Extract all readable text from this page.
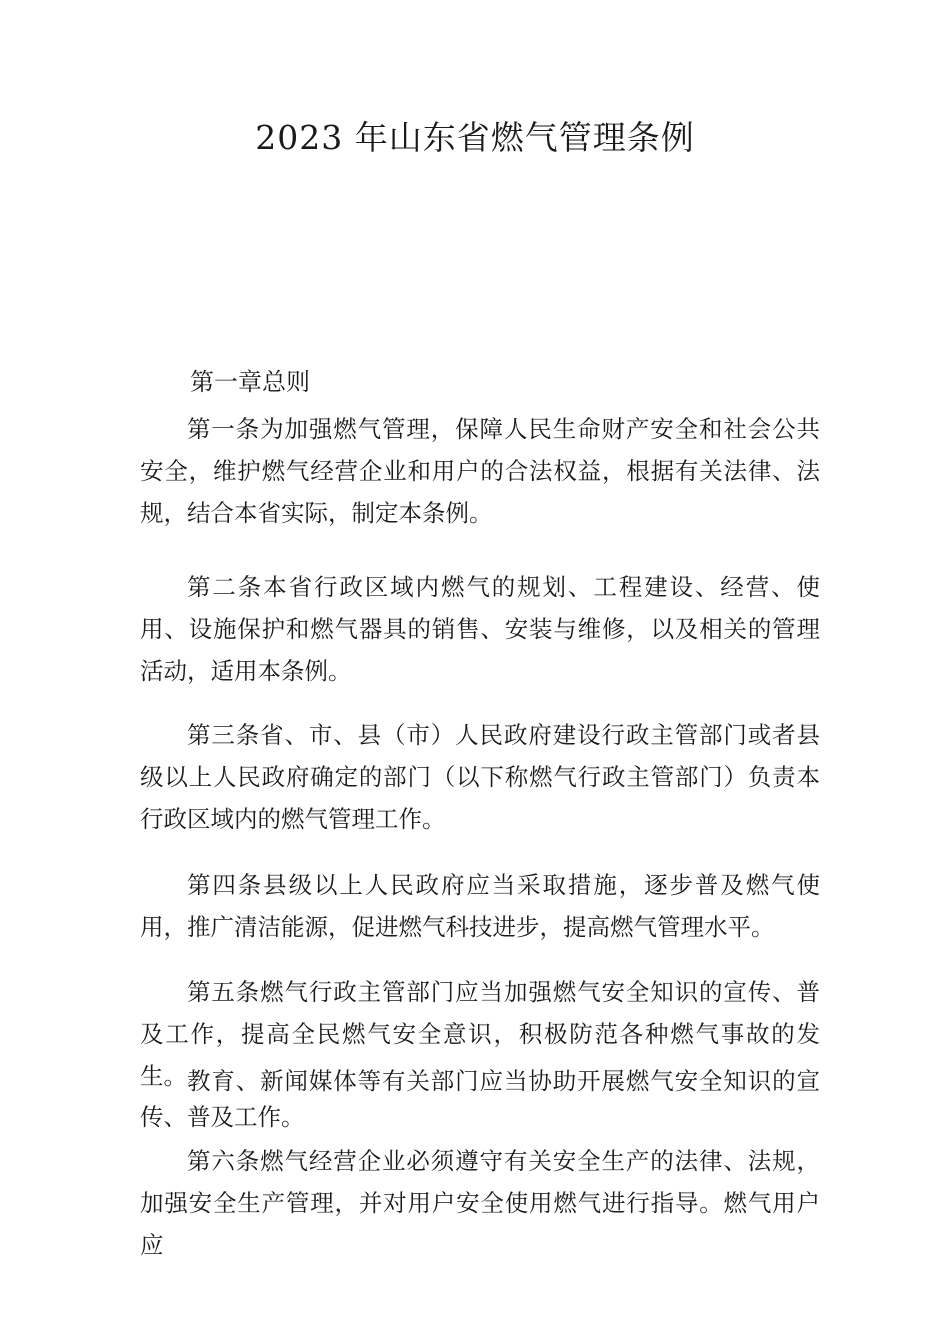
2023 年山东省燃气管理条例

第一章总则

第一条为加强燃气管理，保障人民生命财产安全和社会公共安全，维护燃气经营企业和用户的合法权益，根据有关法律、法规，结合本省实际，制定本条例。

第二条本省行政区域内燃气的规划、工程建设、经营、使用、设施保护和燃气器具的销售、安装与维修，以及相关的管理活动，适用本条例。

第三条省、市、县（市）人民政府建设行政主管部门或者县级以上人民政府确定的部门（以下称燃气行政主管部门）负责本行政区域内的燃气管理工作。

第四条县级以上人民政府应当采取措施，逐步普及燃气使用，推广清洁能源，促进燃气科技进步，提高燃气管理水平。

第五条燃气行政主管部门应当加强燃气安全知识的宣传、普及工作，提高全民燃气安全意识，积极防范各种燃气事故的发生。 教育、新闻媒体等有关部门应当协助开展燃气安全知识的宣传、普及工作。

第六条燃气经营企业必须遵守有关安全生产的法律、法规，加强安全生产管理，并对用户安全使用燃气进行指导。燃气用户应
